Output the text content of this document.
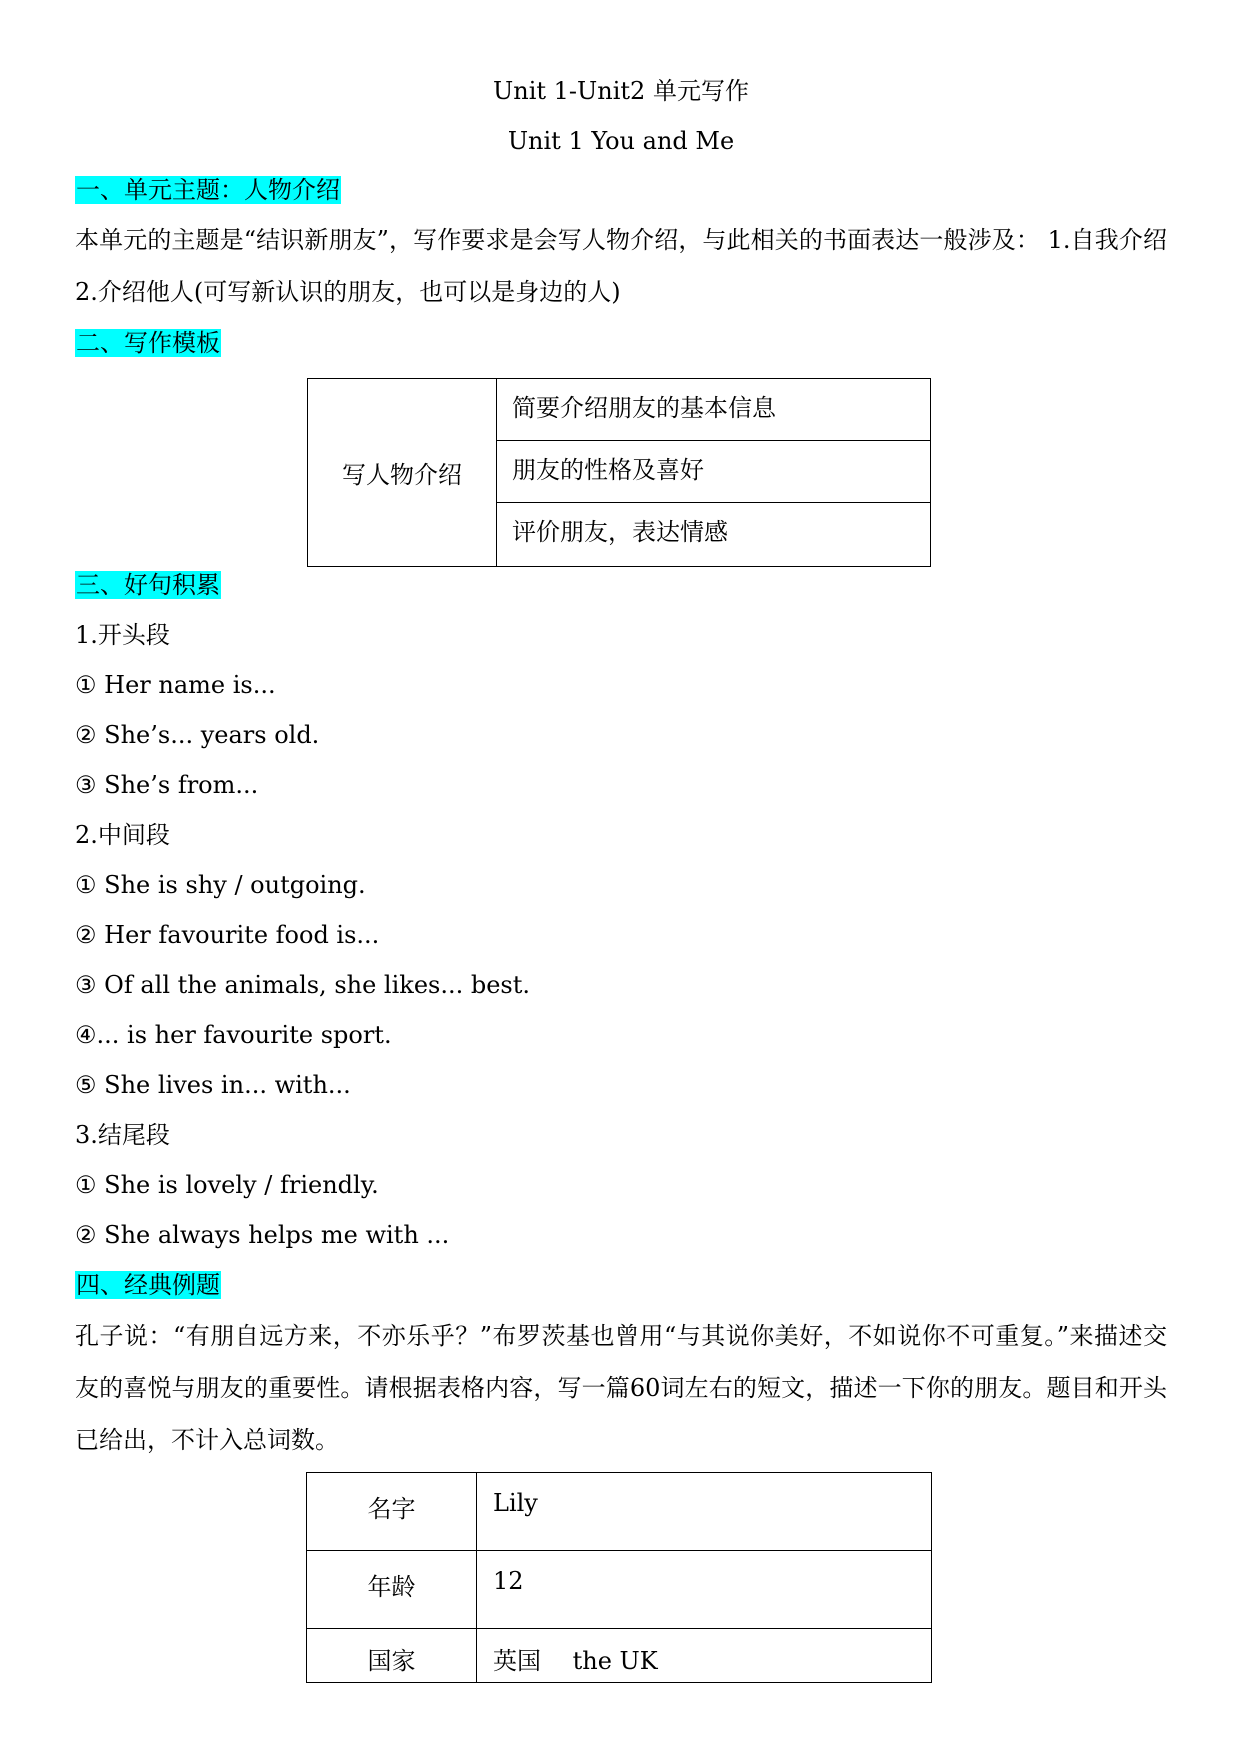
Unit 1-Unit2 单元写作
Unit 1 You and Me
一、单元主题：人物介绍
本单元的主题是“结识新朋友”，写作要求是会写人物介绍，与此相关的书面表达一般涉及： 1.自我介绍 2.介绍他人(可写新认识的朋友，也可以是身边的人)
二、写作模板
写人物介绍	简要介绍朋友的基本信息
朋友的性格及喜好
评价朋友，表达情感
三、好句积累
1.开头段
① Her name is...
② She’s... years old.
③ She’s from...
2.中间段
① She is shy / outgoing.
② Her favourite food is...
③ Of all the animals, she likes... best.
④... is her favourite sport.
⑤ She lives in... with...
3.结尾段
① She is lovely / friendly.
② She always helps me with ...
四、经典例题
孔子说：“有朋自远方来，不亦乐乎？”布罗茨基也曾用“与其说你美好，不如说你不可重复。”来描述交友的喜悦与朋友的重要性。请根据表格内容，写一篇60词左右的短文，描述一下你的朋友。题目和开头已给出，不计入总词数。
名字	Lily
年龄	12
国家	英国　 the UK
